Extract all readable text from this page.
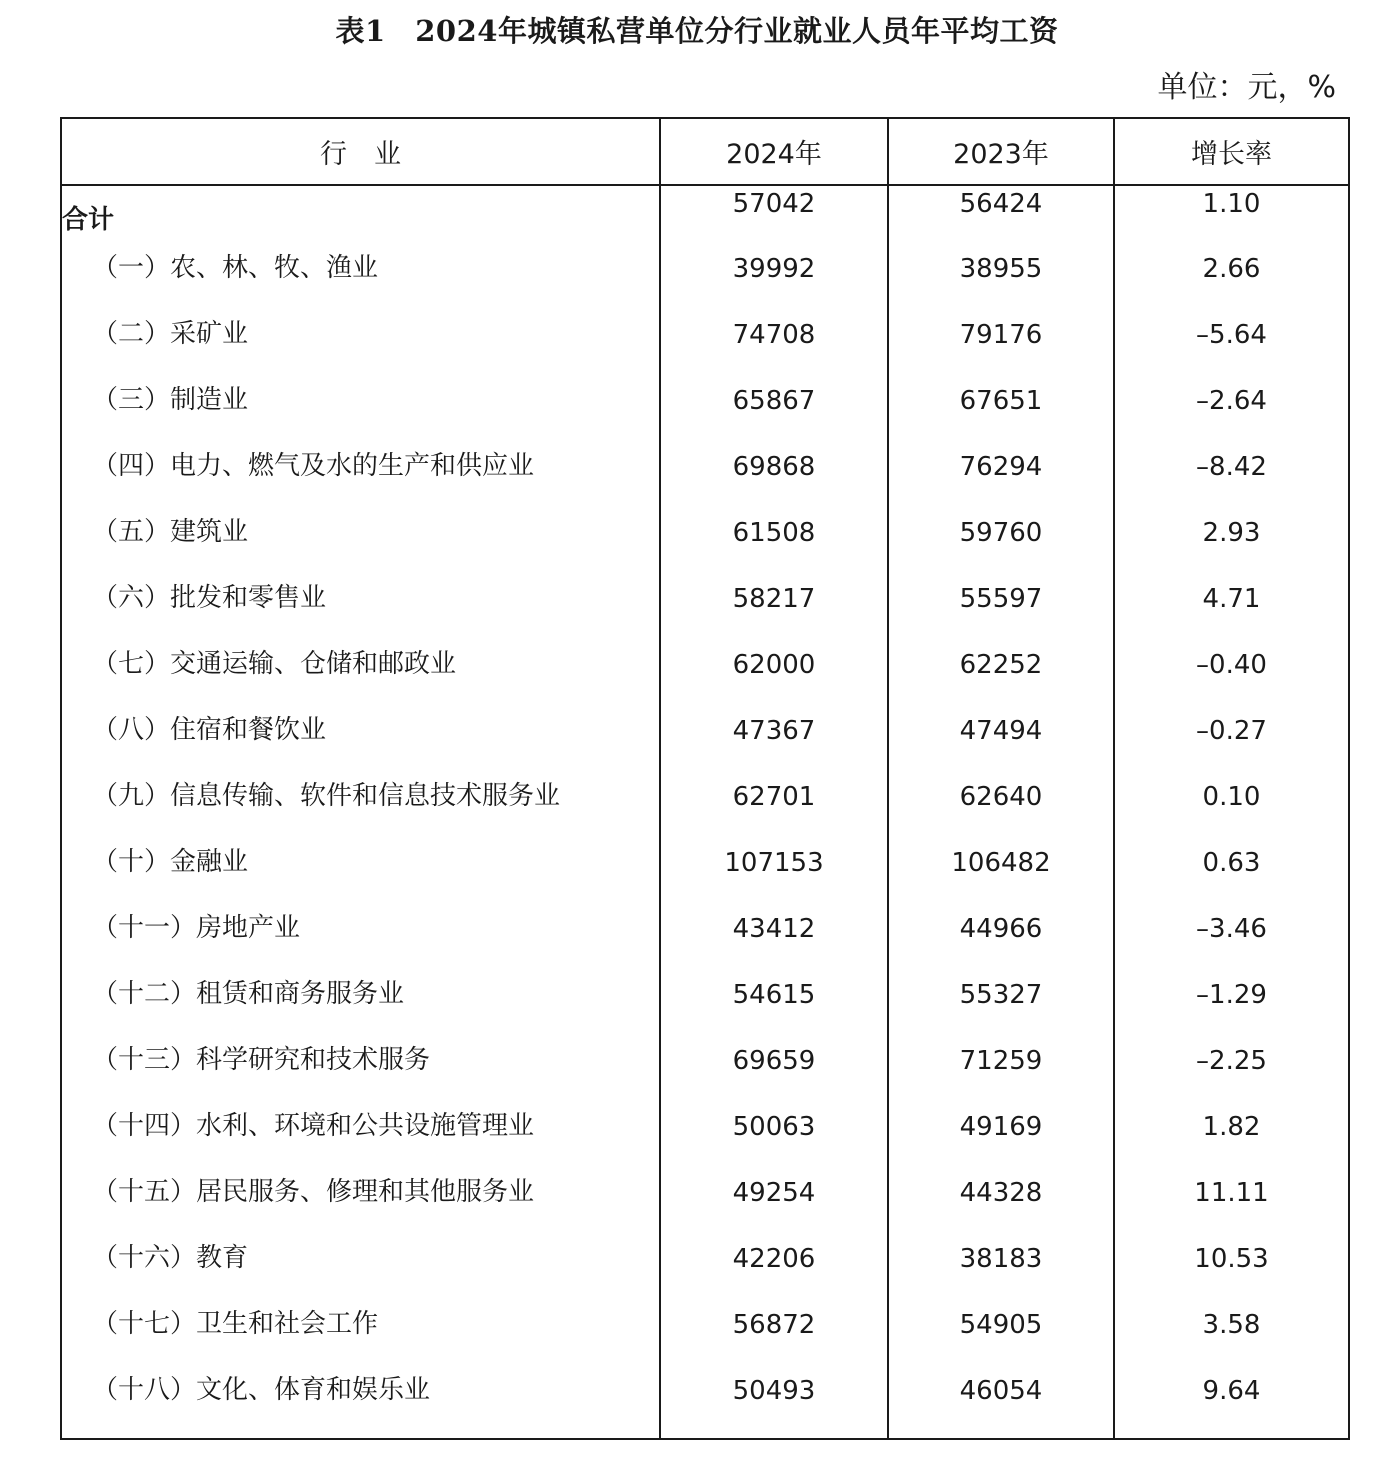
表1　2024年城镇私营单位分行业就业人员年平均工资
单位：元，%
行　业	2024年	2023年	增长率
合计	57042	56424	1.10
（一）农、林、牧、渔业	39992	38955	2.66
（二）采矿业	74708	79176	–5.64
（三）制造业	65867	67651	–2.64
（四）电力、燃气及水的生产和供应业	69868	76294	–8.42
（五）建筑业	61508	59760	2.93
（六）批发和零售业	58217	55597	4.71
（七）交通运输、仓储和邮政业	62000	62252	–0.40
（八）住宿和餐饮业	47367	47494	–0.27
（九）信息传输、软件和信息技术服务业	62701	62640	0.10
（十）金融业	107153	106482	0.63
（十一）房地产业	43412	44966	–3.46
（十二）租赁和商务服务业	54615	55327	–1.29
（十三）科学研究和技术服务	69659	71259	–2.25
（十四）水利、环境和公共设施管理业	50063	49169	1.82
（十五）居民服务、修理和其他服务业	49254	44328	11.11
（十六）教育	42206	38183	10.53
（十七）卫生和社会工作	56872	54905	3.58
（十八）文化、体育和娱乐业	50493	46054	9.64
